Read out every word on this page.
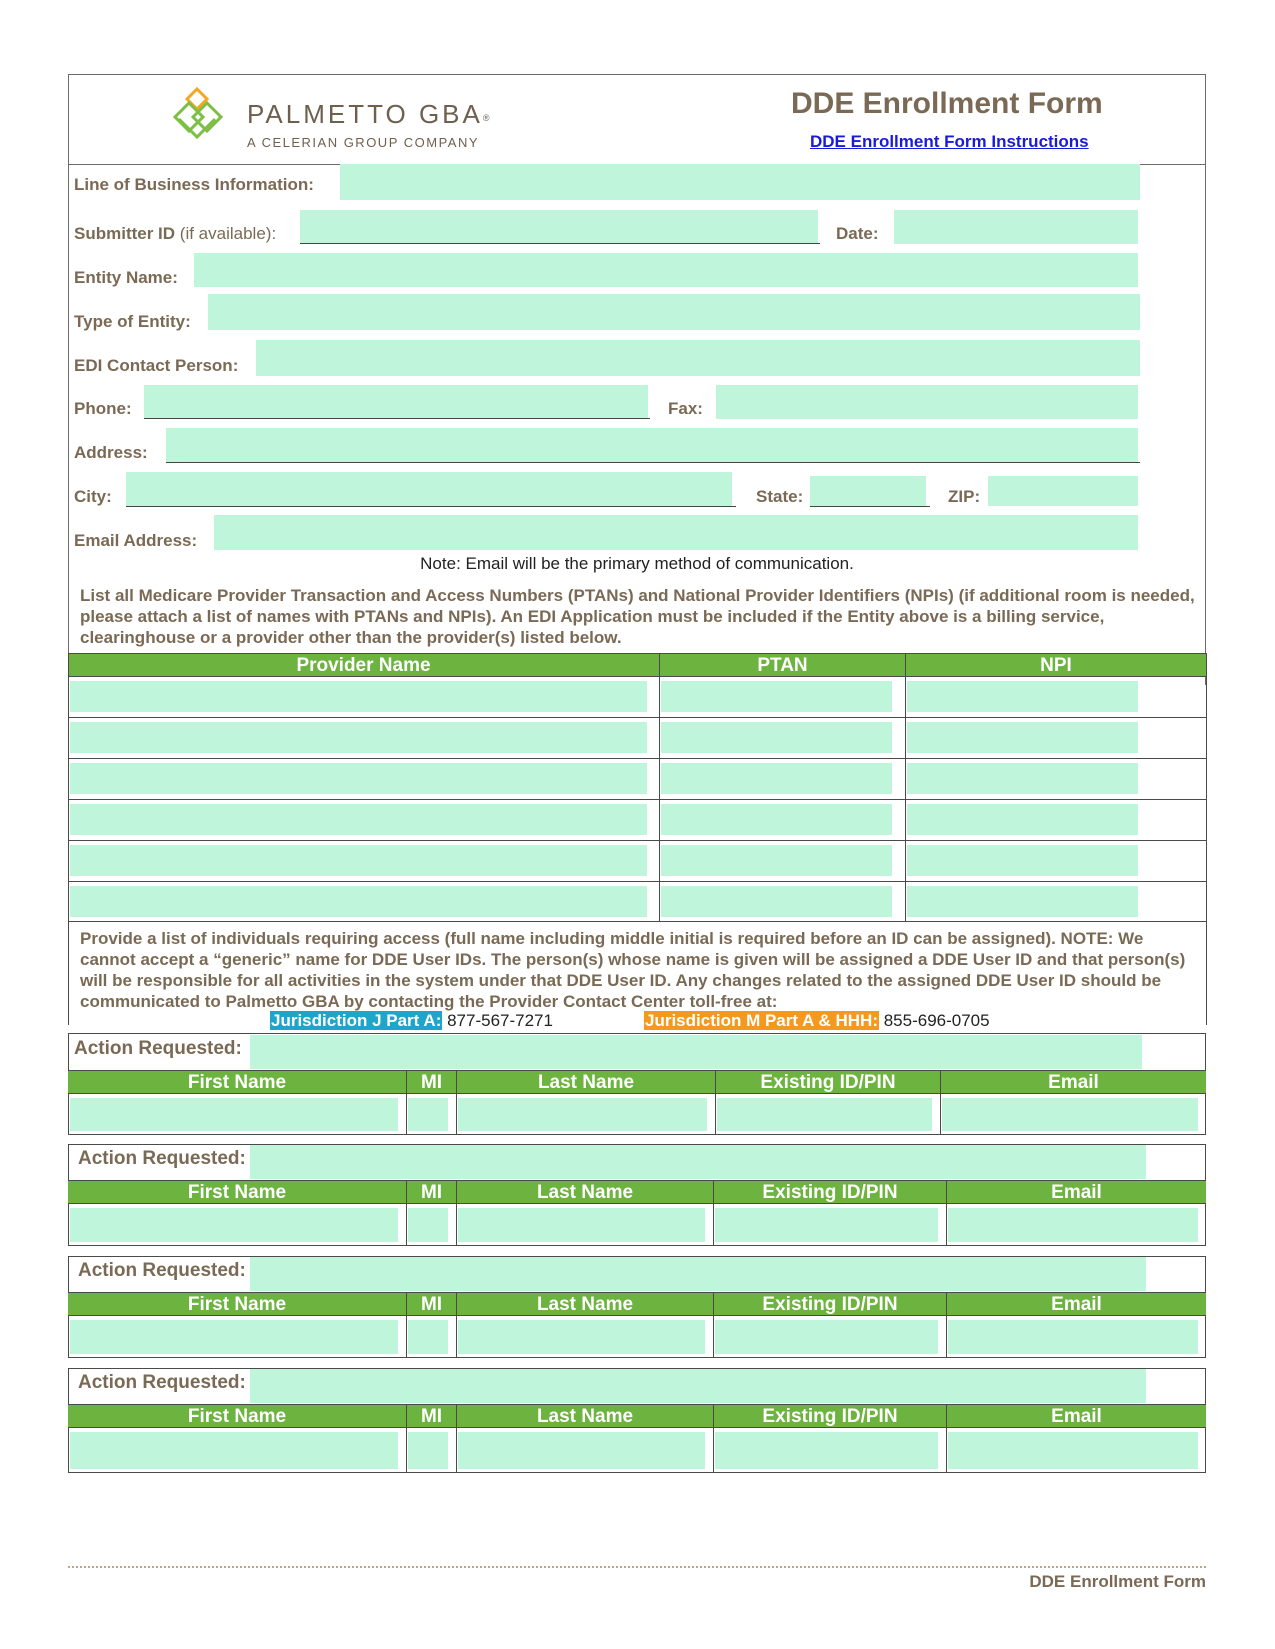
PALMETTO GBA®
A CELERIAN GROUP COMPANY
DDE Enrollment Form
DDE Enrollment Form Instructions
Line of Business Information:
Submitter ID (if available):	Date:
Entity Name:
Type of Entity:
EDI Contact Person:
Phone:	Fax:
Address:
City:	State:	ZIP:
Email Address:
Note: Email will be the primary method of communication.
List all Medicare Provider Transaction and Access Numbers (PTANs) and National Provider Identifiers (NPIs) (if additional room is needed, please attach a list of names with PTANs and NPIs). An EDI Application must be included if the Entity above is a billing service, clearinghouse or a provider other than the provider(s) listed below.
Provider Name	PTAN	NPI
Provide a list of individuals requiring access (full name including middle initial is required before an ID can be assigned). NOTE: We cannot accept a “generic” name for DDE User IDs. The person(s) whose name is given will be assigned a DDE User ID and that person(s) will be responsible for all activities in the system under that DDE User ID. Any changes related to the assigned DDE User ID should be communicated to Palmetto GBA by contacting the Provider Contact Center toll-free at:
Jurisdiction J Part A: 877-567-7271	Jurisdiction M Part A & HHH: 855-696-0705
Action Requested:
First Name	MI	Last Name	Existing ID/PIN	Email
Action Requested:
First Name	MI	Last Name	Existing ID/PIN	Email
Action Requested:
First Name	MI	Last Name	Existing ID/PIN	Email
Action Requested:
First Name	MI	Last Name	Existing ID/PIN	Email
DDE Enrollment Form
